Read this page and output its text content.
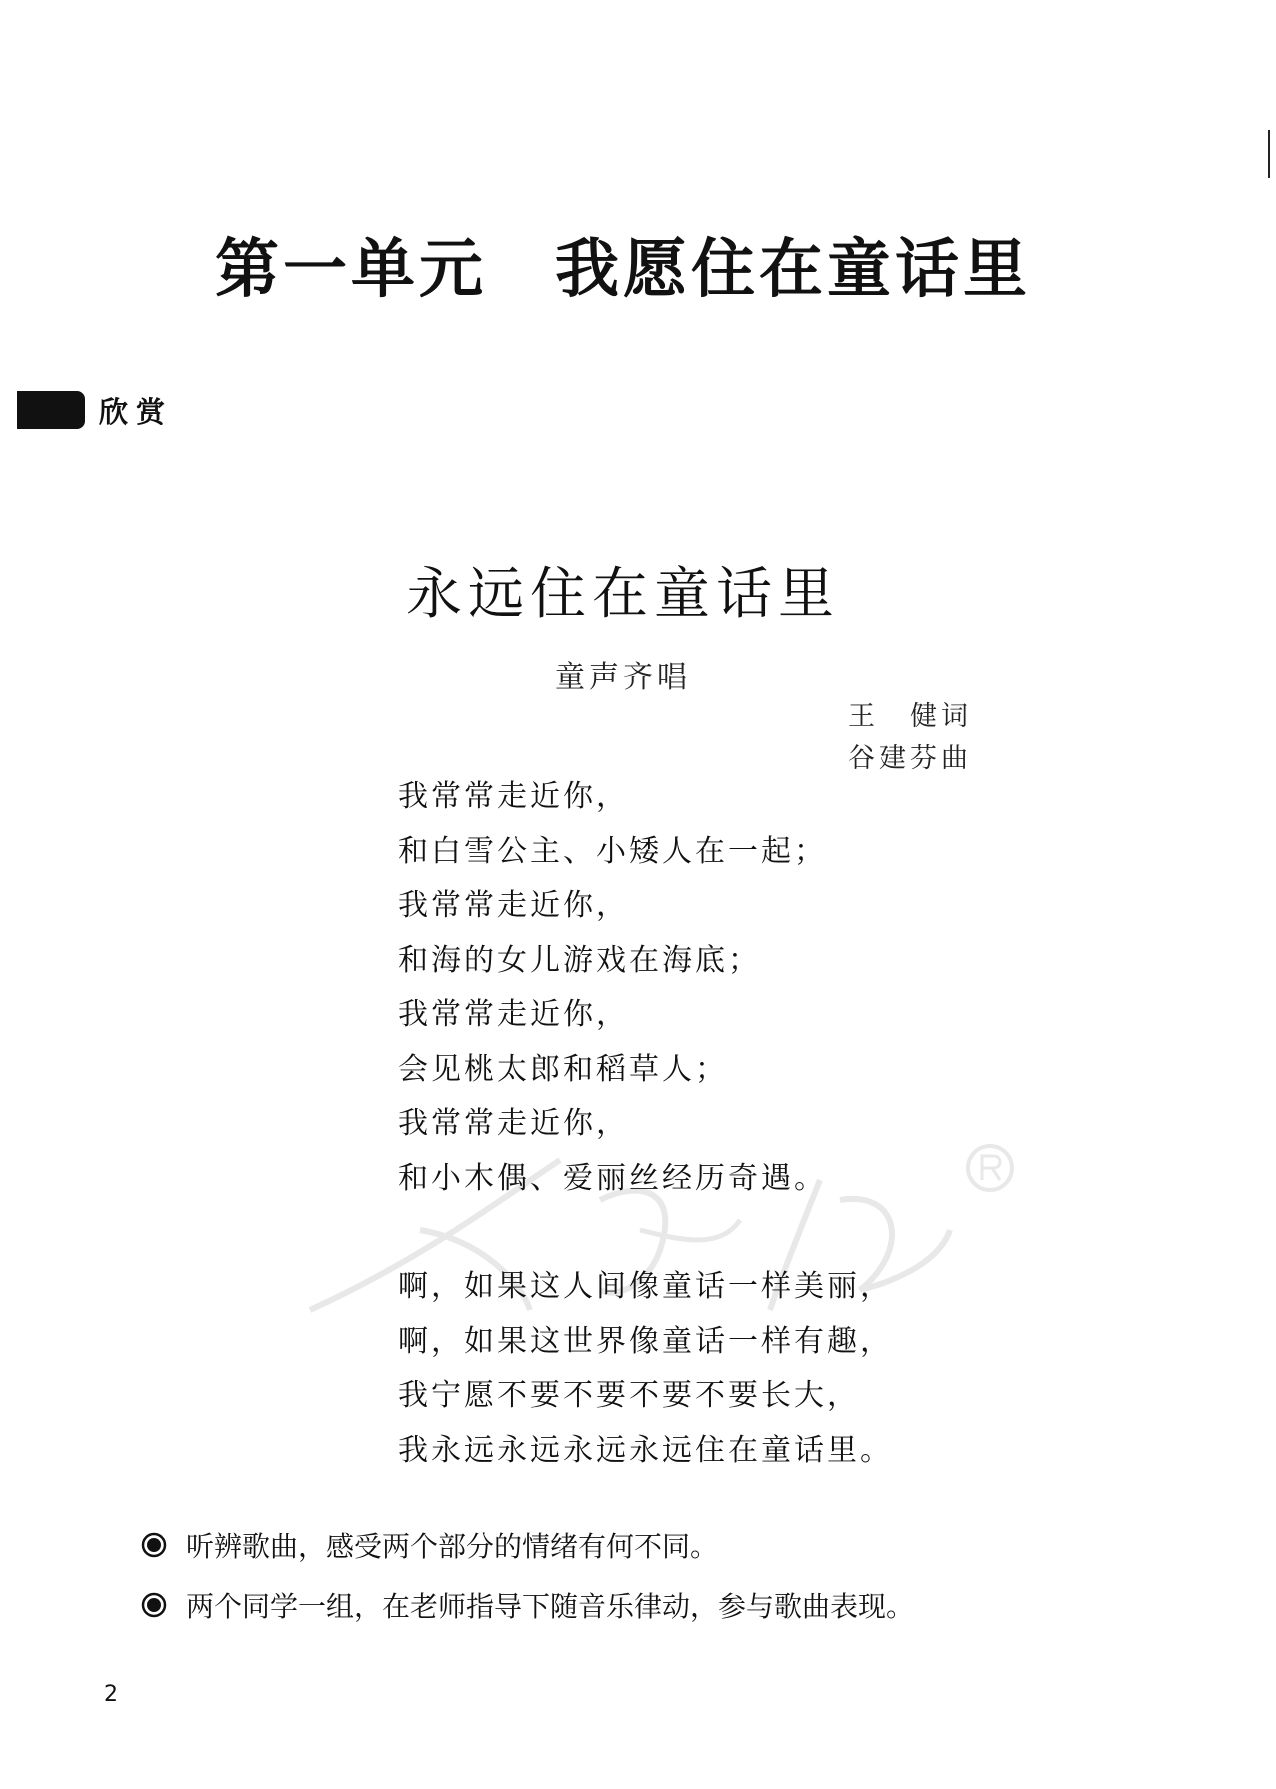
第一单元　我愿住在童话里
欣赏
永远住在童话里
童声齐唱
王　健词
谷建芬曲
我常常走近你，
和白雪公主、小矮人在一起；
我常常走近你，
和海的女儿游戏在海底；
我常常走近你，
会见桃太郎和稻草人；
我常常走近你，
和小木偶、爱丽丝经历奇遇。
啊，如果这人间像童话一样美丽，
啊，如果这世界像童话一样有趣，
我宁愿不要不要不要不要长大，
我永远永远永远永远住在童话里。
听辨歌曲，感受两个部分的情绪有何不同。
两个同学一组，在老师指导下随音乐律动，参与歌曲表现。
2
